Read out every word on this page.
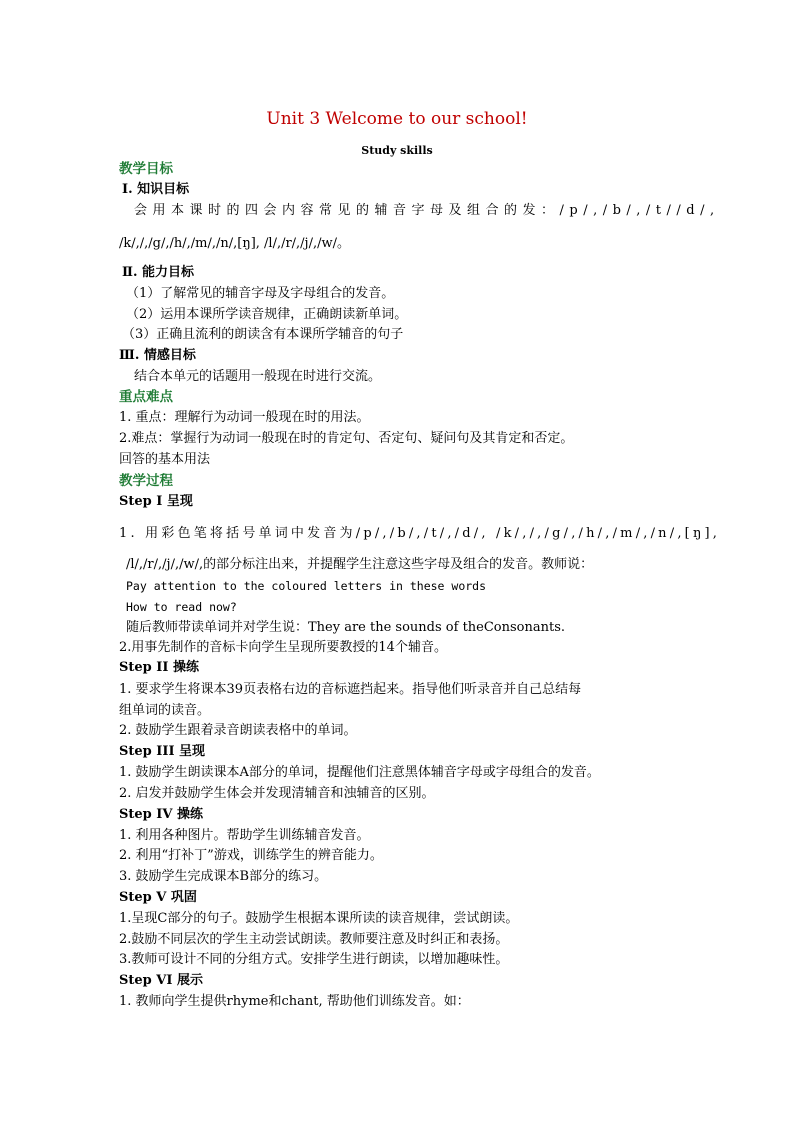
Unit 3 Welcome to our school!
Study skills
教学目标
Ⅰ. 知识目标
会用本课时的四会内容常见的辅音字母及组合的发：/p/,/b/,/t//d/,
/k/,/,/g/,/h/,/m/,/n/,[ŋ], /l/,/r/,/j/,/w/。
Ⅱ. 能力目标
（1）了解常见的辅音字母及字母组合的发音。
（2）运用本课所学读音规律，正确朗读新单词。
（3）正确且流利的朗读含有本课所学辅音的句子
Ⅲ. 情感目标
结合本单元的话题用一般现在时进行交流。
重点难点
1. 重点：理解行为动词一般现在时的用法。
2.难点：掌握行为动词一般现在时的肯定句、否定句、疑问句及其肯定和否定。
回答的基本用法
教学过程
Step I 呈现
1. 用彩色笔将括号单词中发音为/p/,/b/,/t/,/d/, /k/,/,/g/,/h/,/m/,/n/,[ŋ],
/l/,/r/,/j/,/w/,的部分标注出来，并提醒学生注意这些字母及组合的发音。教师说：
Pay attention to the coloured letters in these words
How to read now?
随后教师带读单词并对学生说：They are the sounds of theConsonants.
2.用事先制作的音标卡向学生呈现所要教授的14个辅音。
Step II 操练
1. 要求学生将课本39页表格右边的音标遮挡起来。指导他们听录音并自己总结每
组单词的读音。
2. 鼓励学生跟着录音朗读表格中的单词。
Step III 呈现
1. 鼓励学生朗读课本A部分的单词，提醒他们注意黑体辅音字母或字母组合的发音。
2. 启发并鼓励学生体会并发现清辅音和浊辅音的区别。
Step IV 操练
1. 利用各种图片。帮助学生训练辅音发音。
2. 利用“打补丁”游戏，训练学生的辨音能力。
3. 鼓励学生完成课本B部分的练习。
Step V 巩固
1.呈现C部分的句子。鼓励学生根据本课所读的读音规律，尝试朗读。
2.鼓励不同层次的学生主动尝试朗读。教师要注意及时纠正和表扬。
3.教师可设计不同的分组方式。安排学生进行朗读，以增加趣味性。
Step VI 展示
1. 教师向学生提供rhyme和chant, 帮助他们训练发音。如：
